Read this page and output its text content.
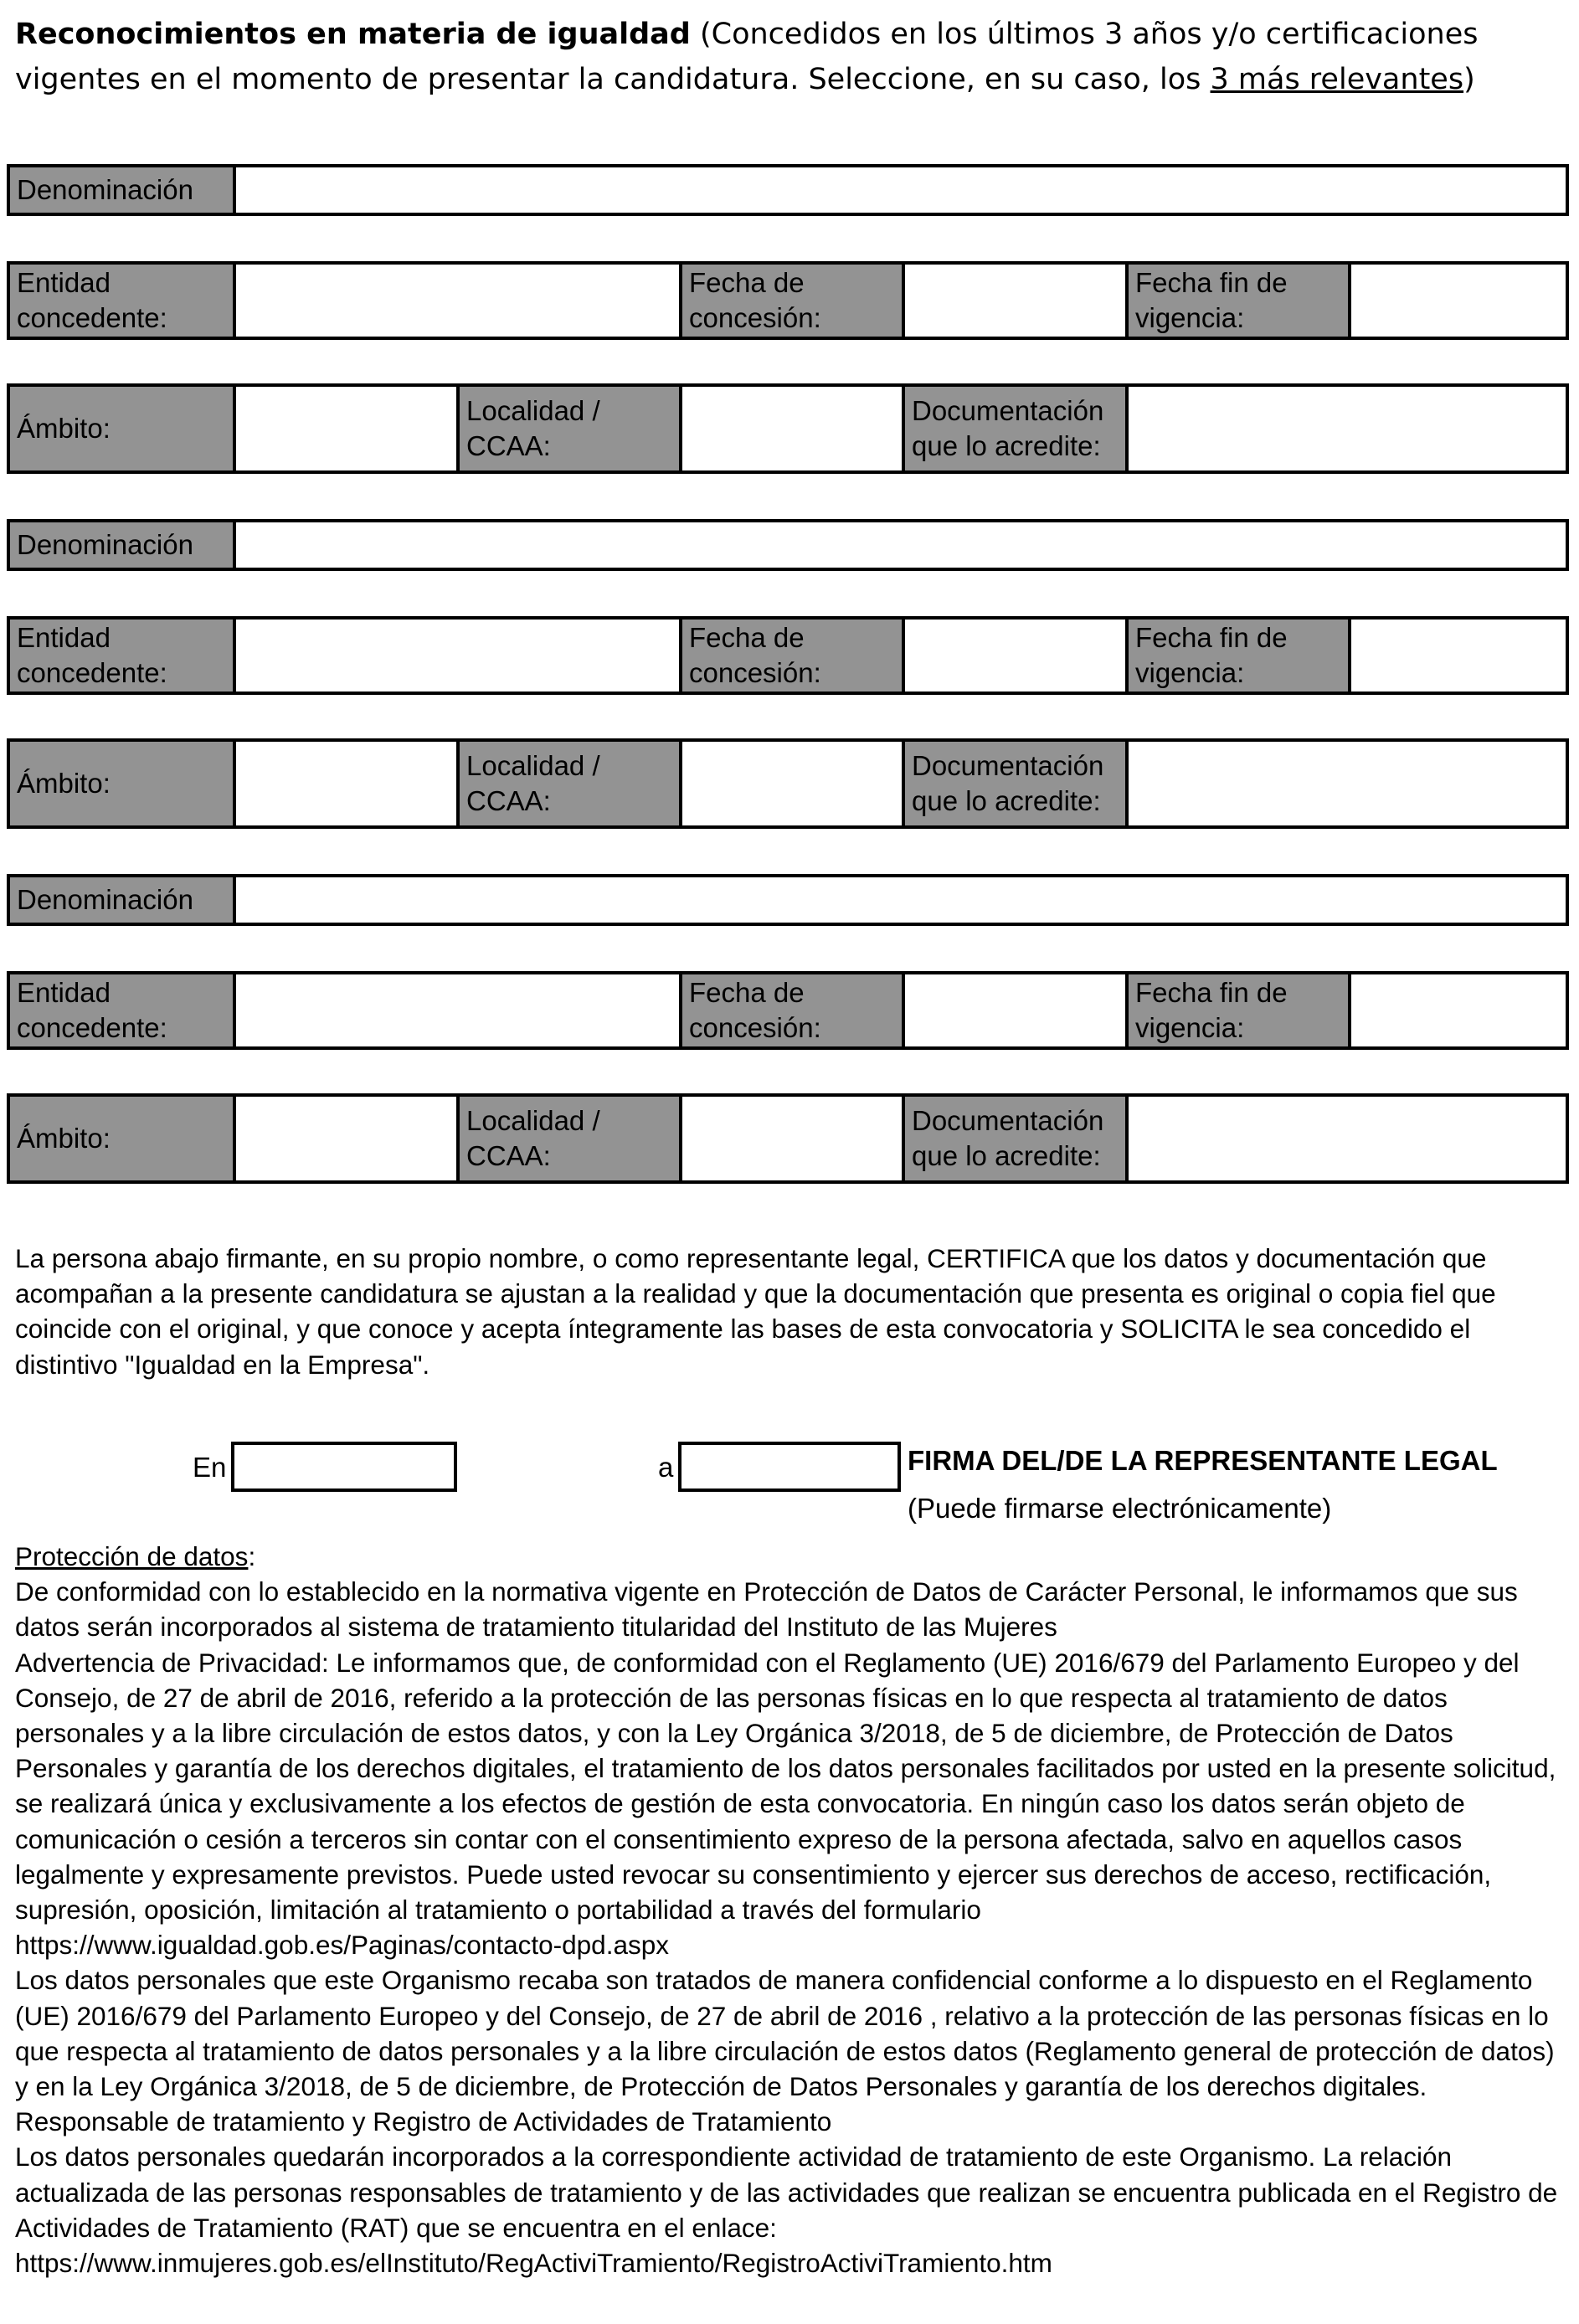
Reconocimientos en materia de igualdad (Concedidos en los últimos 3 años y/o certificaciones vigentes en el momento de presentar la candidatura. Seleccione, en su caso, los 3 más relevantes)
Denominación
Entidad
concedente:
Fecha de
concesión:
Fecha fin de
vigencia:
Ámbito:
Localidad /
CCAA:
Documentación
que lo acredite:
Denominación
Entidad
concedente:
Fecha de
concesión:
Fecha fin de
vigencia:
Ámbito:
Localidad /
CCAA:
Documentación
que lo acredite:
Denominación
Entidad
concedente:
Fecha de
concesión:
Fecha fin de
vigencia:
Ámbito:
Localidad /
CCAA:
Documentación
que lo acredite:

La persona abajo firmante, en su propio nombre, o como representante legal, CERTIFICA que los datos y documentación que acompañan a la presente candidatura se ajustan a la realidad y que la documentación que presenta es original o copia fiel que coincide con el original, y que conoce y acepta íntegramente las bases de esta convocatoria y SOLICITA le sea concedido el distintivo "Igualdad en la Empresa".

En	a	FIRMA DEL/DE LA REPRESENTANTE LEGAL
(Puede firmarse electrónicamente)

Protección de datos:

De conformidad con lo establecido en la normativa vigente en Protección de Datos de Carácter Personal, le informamos que sus datos serán incorporados al sistema de tratamiento titularidad del Instituto de las Mujeres

Advertencia de Privacidad: Le informamos que, de conformidad con el Reglamento (UE) 2016/679 del Parlamento Europeo y del Consejo, de 27 de abril de 2016, referido a la protección de las personas físicas en lo que respecta al tratamiento de datos personales y a la libre circulación de estos datos, y con la Ley Orgánica 3/2018, de 5 de diciembre, de Protección de Datos Personales y garantía de los derechos digitales, el tratamiento de los datos personales facilitados por usted en la presente solicitud, se realizará única y exclusivamente a los efectos de gestión de esta convocatoria. En ningún caso los datos serán objeto de comunicación o cesión a terceros sin contar con el consentimiento expreso de la persona afectada, salvo en aquellos casos legalmente y expresamente previstos. Puede usted revocar su consentimiento y ejercer sus derechos de acceso, rectificación, supresión, oposición, limitación al tratamiento o portabilidad a través del formulario

https://www.igualdad.gob.es/Paginas/contacto-dpd.aspx

Los datos personales que este Organismo recaba son tratados de manera confidencial conforme a lo dispuesto en el Reglamento (UE) 2016/679 del Parlamento Europeo y del Consejo, de 27 de abril de 2016 , relativo a la protección de las personas físicas en lo que respecta al tratamiento de datos personales y a la libre circulación de estos datos (Reglamento general de protección de datos) y en la Ley Orgánica 3/2018, de 5 de diciembre, de Protección de Datos Personales y garantía de los derechos digitales.

Responsable de tratamiento y Registro de Actividades de Tratamiento

Los datos personales quedarán incorporados a la correspondiente actividad de tratamiento de este Organismo. La relación actualizada de las personas responsables de tratamiento y de las actividades que realizan se encuentra publicada en el Registro de Actividades de Tratamiento (RAT) que se encuentra en el enlace:

https://www.inmujeres.gob.es/elInstituto/RegActiviTramiento/RegistroActiviTramiento.htm
